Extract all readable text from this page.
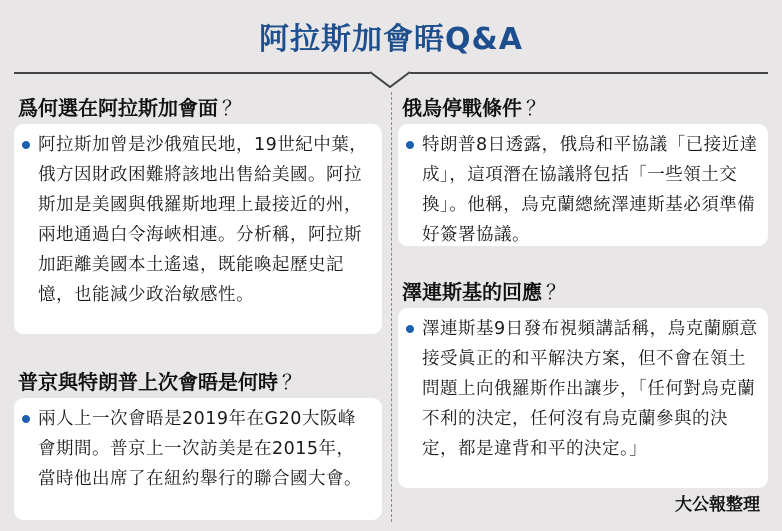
阿拉斯加會晤Q&A
爲何選在阿拉斯加會面 ？
阿拉斯加曾是沙俄殖民地，19世紀中葉，俄方因財政困難將該地出售給美國。阿拉斯加是美國與俄羅斯地理上最接近的州，兩地通過白令海峽相連。分析稱，阿拉斯加距離美國本土遙遠，既能喚起歷史記憶，也能減少政治敏感性。
普京與特朗普上次會晤是何時 ？
兩人上一次會晤是2019年在G20大阪峰會期間。普京上一次訪美是在2015年，當時他出席了在紐約舉行的聯合國大會。
俄烏停戰條件 ？
特朗普8日透露，俄烏和平協議「已接近達成」，這項潛在協議將包括「一些領土交換」。他稱，烏克蘭總統澤連斯基必須準備好簽署協議。
澤連斯基的回應 ？
澤連斯基9日發布視頻講話稱，烏克蘭願意接受眞正的和平解決方案，但不會在領土問題上向俄羅斯作出讓步，「任何對烏克蘭不利的決定，任何沒有烏克蘭參與的決定，都是違背和平的決定。」
大公報整理
